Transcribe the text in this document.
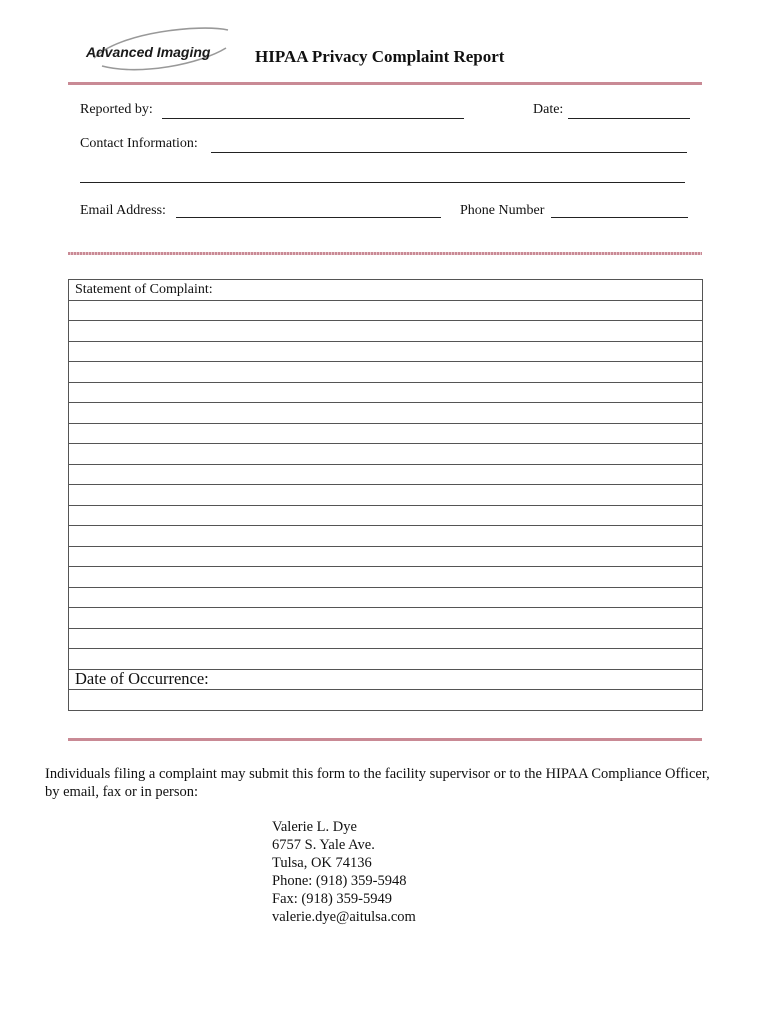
Advanced Imaging	HIPAA Privacy Complaint Report
Reported by:	Date:
Contact Information:
Email Address:	Phone Number
Statement of Complaint:

Date of Occurrence:

Individuals filing a complaint may submit this form to the facility supervisor or to the HIPAA Compliance Officer, by email, fax or in person:
Valerie L. Dye
6757 S. Yale Ave.
Tulsa, OK 74136
Phone: (918) 359-5948
Fax: (918) 359-5949
valerie.dye@aitulsa.com
